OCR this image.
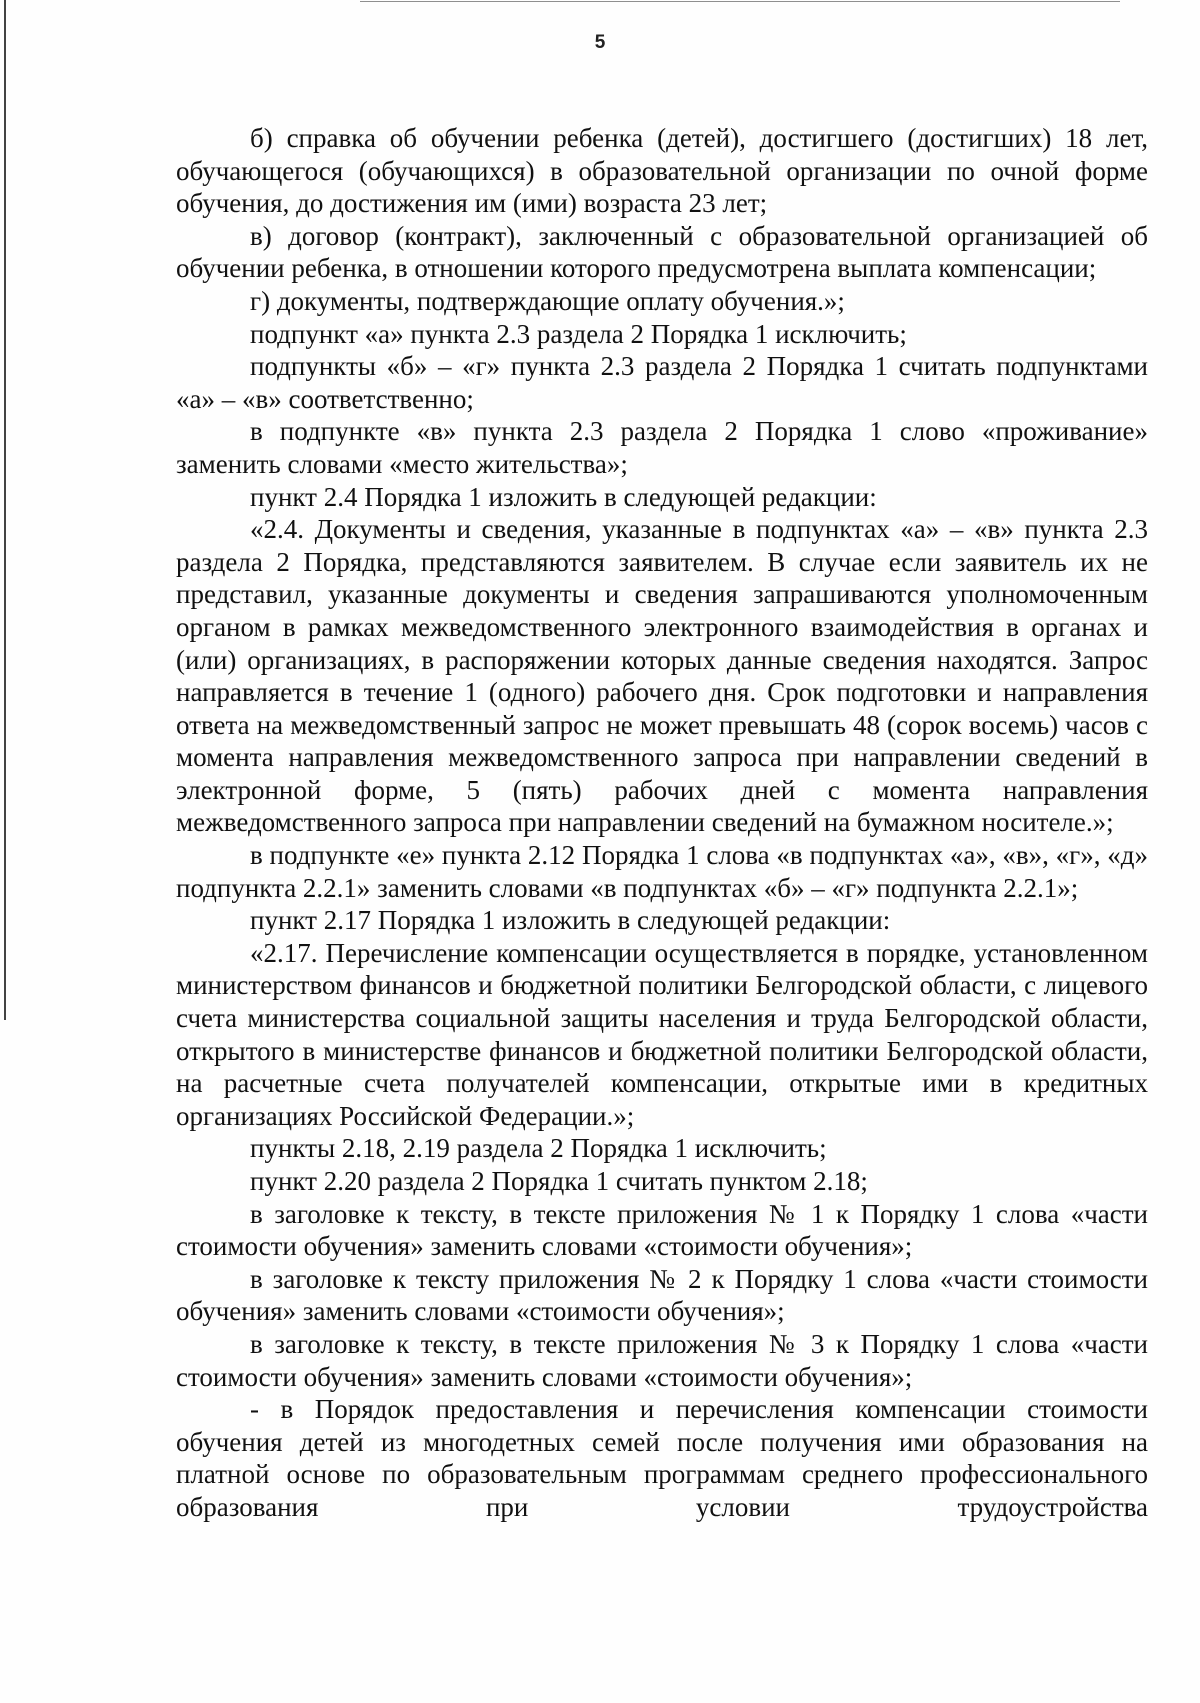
5

б) справка об обучении ребенка (детей), достигшего (достигших) 18 лет, обучающегося (обучающихся) в образовательной организации по очной форме обучения, до достижения им (ими) возраста 23 лет;

в) договор (контракт), заключенный с образовательной организацией об обучении ребенка, в отношении которого предусмотрена выплата компенсации;

г) документы, подтверждающие оплату обучения.»;

подпункт «а» пункта 2.3 раздела 2 Порядка 1 исключить;

подпункты «б» – «г» пункта 2.3 раздела 2 Порядка 1 считать подпунктами «а» – «в» соответственно;

в подпункте «в» пункта 2.3 раздела 2 Порядка 1 слово «проживание» заменить словами «место жительства»;

пункт 2.4 Порядка 1 изложить в следующей редакции:

«2.4. Документы и сведения, указанные в подпунктах «а» – «в» пункта 2.3 раздела 2 Порядка, представляются заявителем. В случае если заявитель их не представил, указанные документы и сведения запрашиваются уполномоченным органом в рамках межведомственного электронного взаимодействия в органах и (или) организациях, в распоряжении которых данные сведения находятся. Запрос направляется в течение 1 (одного) рабочего дня. Срок подготовки и направления ответа на межведомственный запрос не может превышать 48 (сорок восемь) часов с момента направления межведомственного запроса при направлении сведений в электронной форме, 5 (пять) рабочих дней с момента направления межведомственного запроса при направлении сведений на бумажном носителе.»;

в подпункте «е» пункта 2.12 Порядка 1 слова «в подпунктах «а», «в», «г», «д» подпункта 2.2.1» заменить словами «в подпунктах «б» – «г» подпункта 2.2.1»;

пункт 2.17 Порядка 1 изложить в следующей редакции:

«2.17. Перечисление компенсации осуществляется в порядке, установленном министерством финансов и бюджетной политики Белгородской области, с лицевого счета министерства социальной защиты населения и труда Белгородской области, открытого в министерстве финансов и бюджетной политики Белгородской области, на расчетные счета получателей компенсации, открытые ими в кредитных организациях Российской Федерации.»;

пункты 2.18, 2.19 раздела 2 Порядка 1 исключить;

пункт 2.20 раздела 2 Порядка 1 считать пунктом 2.18;

в заголовке к тексту, в тексте приложения № 1 к Порядку 1 слова «части стоимости обучения» заменить словами «стоимости обучения»;

в заголовке к тексту приложения № 2 к Порядку 1 слова «части стоимости обучения» заменить словами «стоимости обучения»;

в заголовке к тексту, в тексте приложения № 3 к Порядку 1 слова «части стоимости обучения» заменить словами «стоимости обучения»;

- в Порядок предоставления и перечисления компенсации стоимости обучения детей из многодетных семей после получения ими образования на платной основе по образовательным программам среднего профессионального образования при условии трудоустройства
